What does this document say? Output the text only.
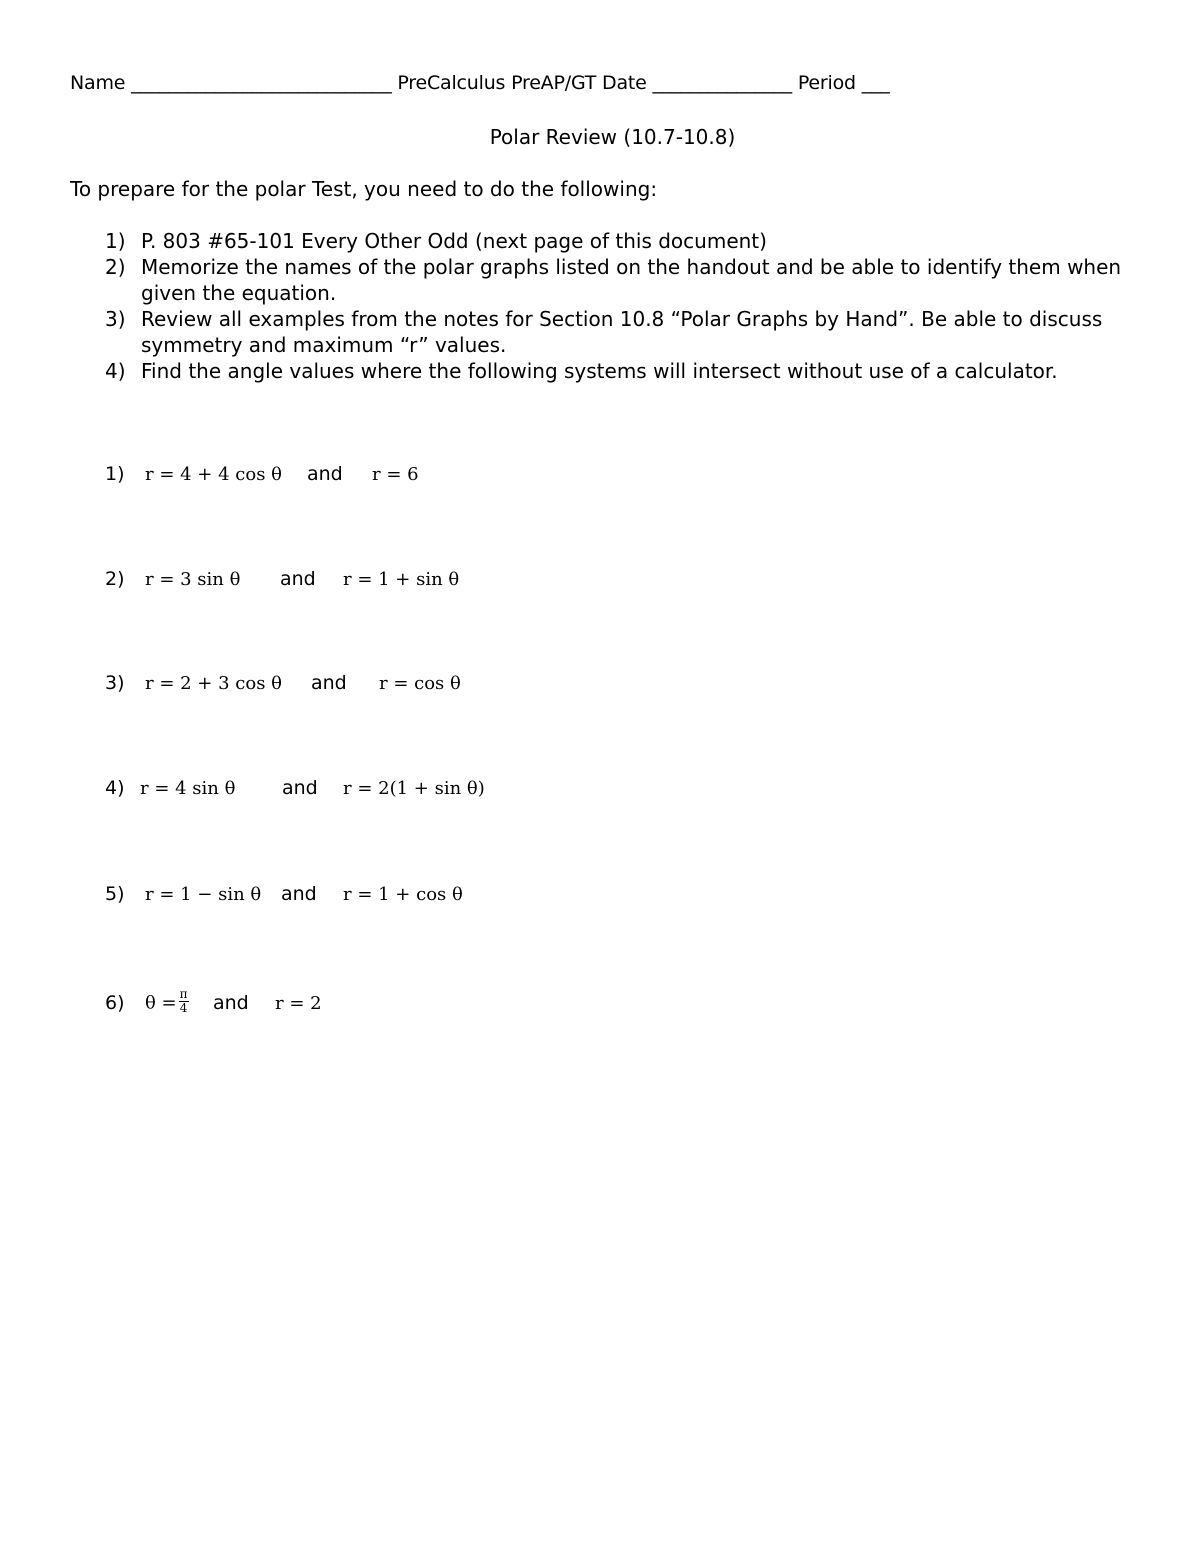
Name ____________________________ PreCalculus PreAP/GT Date _______________ Period ___
Polar Review (10.7-10.8)
To prepare for the polar Test, you need to do the following:
1) P. 803 #65-101 Every Other Odd (next page of this document)
2) Memorize the names of the polar graphs listed on the handout and be able to identify them when given the equation.
3) Review all examples from the notes for Section 10.8 “Polar Graphs by Hand”. Be able to discuss symmetry and maximum “r” values.
4) Find the angle values where the following systems will intersect without use of a calculator.
1)	r = 4 + 4 cos θ	and	r = 6
2)	r = 3 sin θ	and	r = 1 + sin θ
3)	r = 2 + 3 cos θ	and	r = cos θ
4) r = 4 sin θ	and	r = 2(1 + sin θ)
5)	r = 1 − sin θ	and	r = 1 + cos θ
6)	$\theta = \frac{\pi}{4}$ and	r = 2
